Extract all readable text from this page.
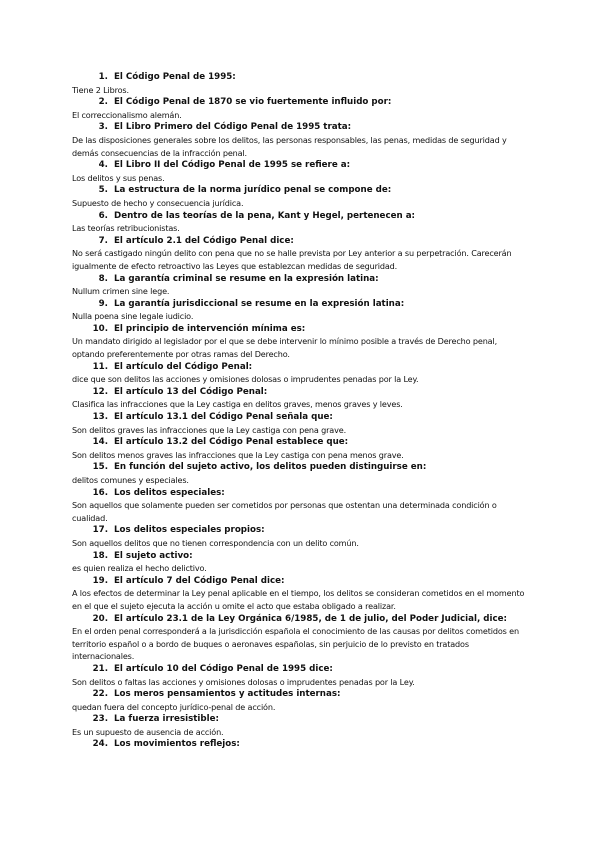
1. El Código Penal de 1995:
Tiene 2 Libros.
2. El Código Penal de 1870 se vio fuertemente influido por:
El correccionalismo alemán.
3. El Libro Primero del Código Penal de 1995 trata:
De las disposiciones generales sobre los delitos, las personas responsables, las penas, medidas de seguridad y demás consecuencias de la infracción penal.
4. El Libro II del Código Penal de 1995 se refiere a:
Los delitos y sus penas.
5. La estructura de la norma jurídico penal se compone de:
Supuesto de hecho y consecuencia jurídica.
6. Dentro de las teorías de la pena, Kant y Hegel, pertenecen a:
Las teorías retribucionistas.
7. El artículo 2.1 del Código Penal dice:
No será castigado ningún delito con pena que no se halle prevista por Ley anterior a su perpetración. Carecerán igualmente de efecto retroactivo las Leyes que establezcan medidas de seguridad.
8. La garantía criminal se resume en la expresión latina:
Nullum crimen sine lege.
9. La garantía jurisdiccional se resume en la expresión latina:
Nulla poena sine legale iudicio.
10. El principio de intervención mínima es:
Un mandato dirigido al legislador por el que se debe intervenir lo mínimo posible a través de Derecho penal, optando preferentemente por otras ramas del Derecho.
11. El artículo del Código Penal:
dice que son delitos las acciones y omisiones dolosas o imprudentes penadas por la Ley.
12. El artículo 13 del Código Penal:
Clasifica las infracciones que la Ley castiga en delitos graves, menos graves y leves.
13. El artículo 13.1 del Código Penal señala que:
Son delitos graves las infracciones que la Ley castiga con pena grave.
14. El artículo 13.2 del Código Penal establece que:
Son delitos menos graves las infracciones que la Ley castiga con pena menos grave.
15. En función del sujeto activo, los delitos pueden distinguirse en:
delitos comunes y especiales.
16. Los delitos especiales:
Son aquellos que solamente pueden ser cometidos por personas que ostentan una determinada condición o cualidad.
17. Los delitos especiales propios:
Son aquellos delitos que no tienen correspondencia con un delito común.
18. El sujeto activo:
es quien realiza el hecho delictivo.
19. El artículo 7 del Código Penal dice:
A los efectos de determinar la Ley penal aplicable en el tiempo, los delitos se consideran cometidos en el momento en el que el sujeto ejecuta la acción u omite el acto que estaba obligado a realizar.
20. El artículo 23.1 de la Ley Orgánica 6/1985, de 1 de julio, del Poder Judicial, dice:
En el orden penal corresponderá a la jurisdicción española el conocimiento de las causas por delitos cometidos en territorio español o a bordo de buques o aeronaves españolas, sin perjuicio de lo previsto en tratados internacionales.
21. El artículo 10 del Código Penal de 1995 dice:
Son delitos o faltas las acciones y omisiones dolosas o imprudentes penadas por la Ley.
22. Los meros pensamientos y actitudes internas:
quedan fuera del concepto jurídico-penal de acción.
23. La fuerza irresistible:
Es un supuesto de ausencia de acción.
24. Los movimientos reflejos:
